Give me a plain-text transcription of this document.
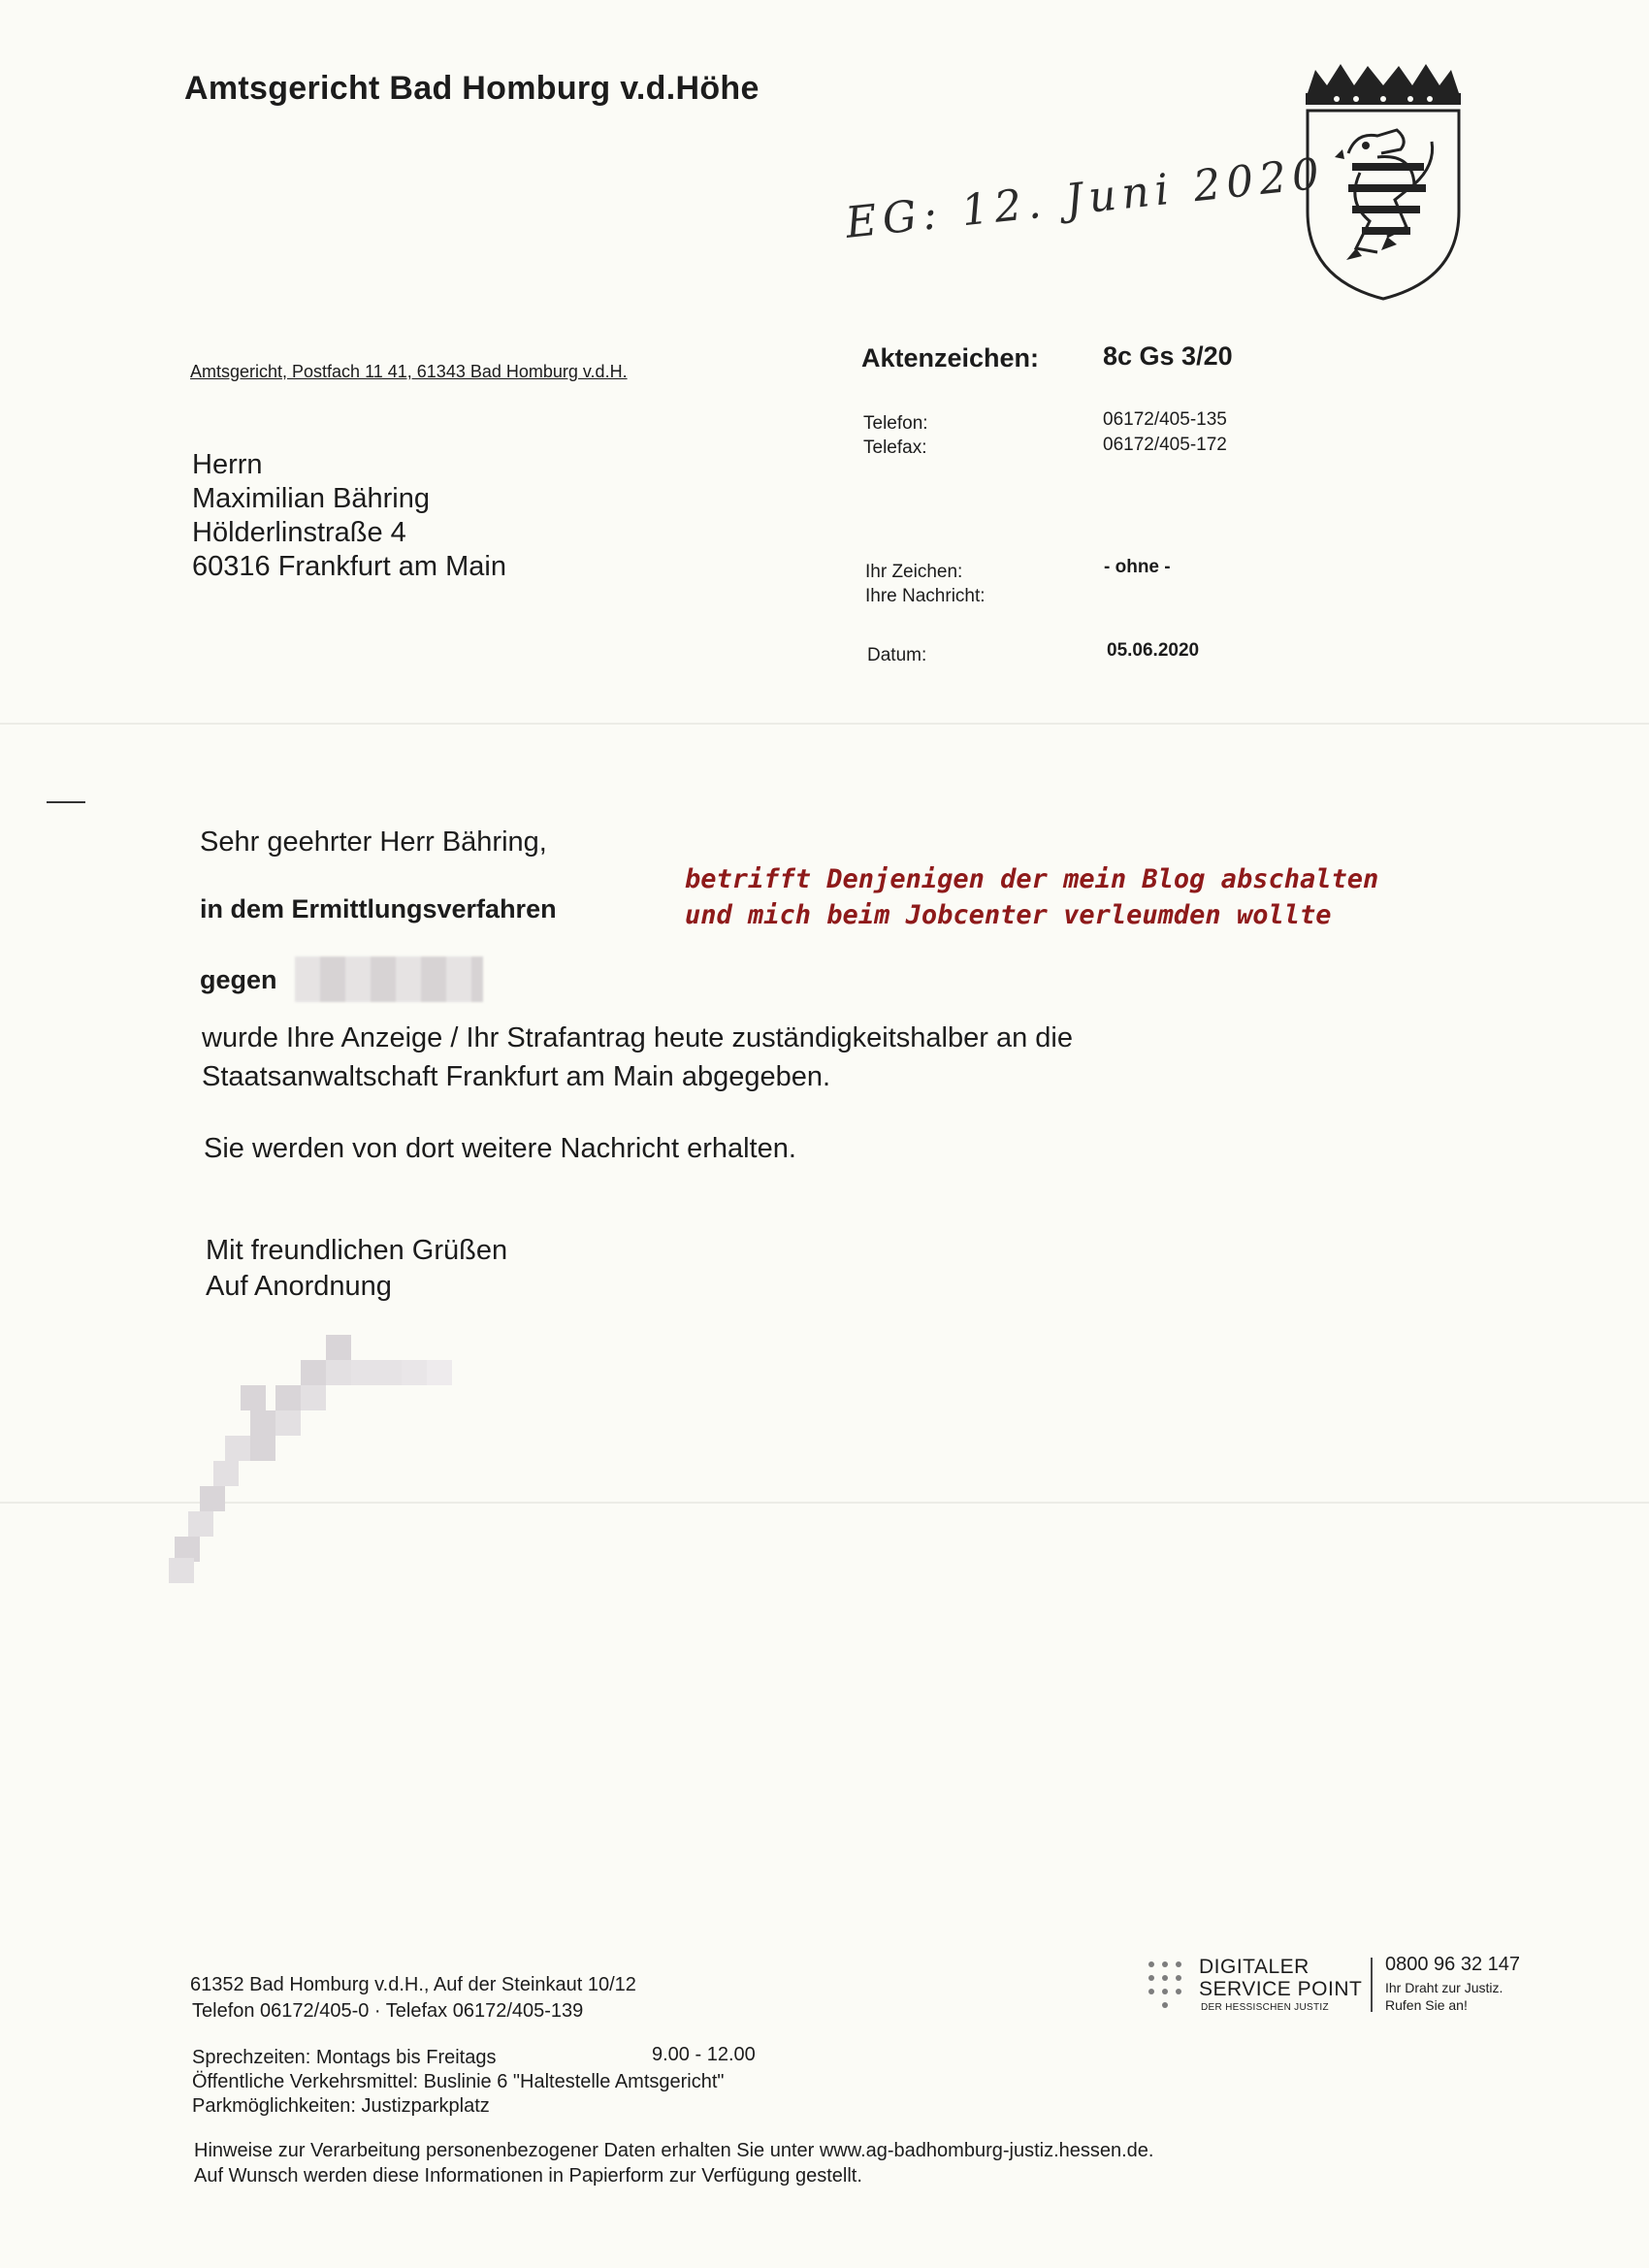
Amtsgericht Bad Homburg v.d.Höhe
EG: 12. Juni 2020
Amtsgericht, Postfach 11 41, 61343 Bad Homburg v.d.H.
Herrn
Maximilian Bähring
Hölderlinstraße 4
60316 Frankfurt am Main
Aktenzeichen: 8c Gs 3/20
Telefon:	06172/405-135
Telefax:	06172/405-172
Ihr Zeichen:	- ohne -
Ihre Nachricht:
Datum:	05.06.2020
Sehr geehrter Herr Bähring,
in dem Ermittlungsverfahren
betrifft Denjenigen der mein Blog abschalten
und mich beim Jobcenter verleumden wollte
gegen
wurde Ihre Anzeige / Ihr Strafantrag heute zuständigkeitshalber an die
Staatsanwaltschaft Frankfurt am Main abgegeben.
Sie werden von dort weitere Nachricht erhalten.
Mit freundlichen Grüßen
Auf Anordnung
61352 Bad Homburg v.d.H., Auf der Steinkaut 10/12
Telefon 06172/405-0 · Telefax 06172/405-139
Sprechzeiten: Montags bis Freitags	9.00 - 12.00
Öffentliche Verkehrsmittel: Buslinie 6 "Haltestelle Amtsgericht"
Parkmöglichkeiten: Justizparkplatz
Hinweise zur Verarbeitung personenbezogener Daten erhalten Sie unter www.ag-badhomburg-justiz.hessen.de.
Auf Wunsch werden diese Informationen in Papierform zur Verfügung gestellt.
DIGITALER
SERVICE POINT
DER HESSISCHEN JUSTIZ
0800 96 32 147
Ihr Draht zur Justiz.
Rufen Sie an!
